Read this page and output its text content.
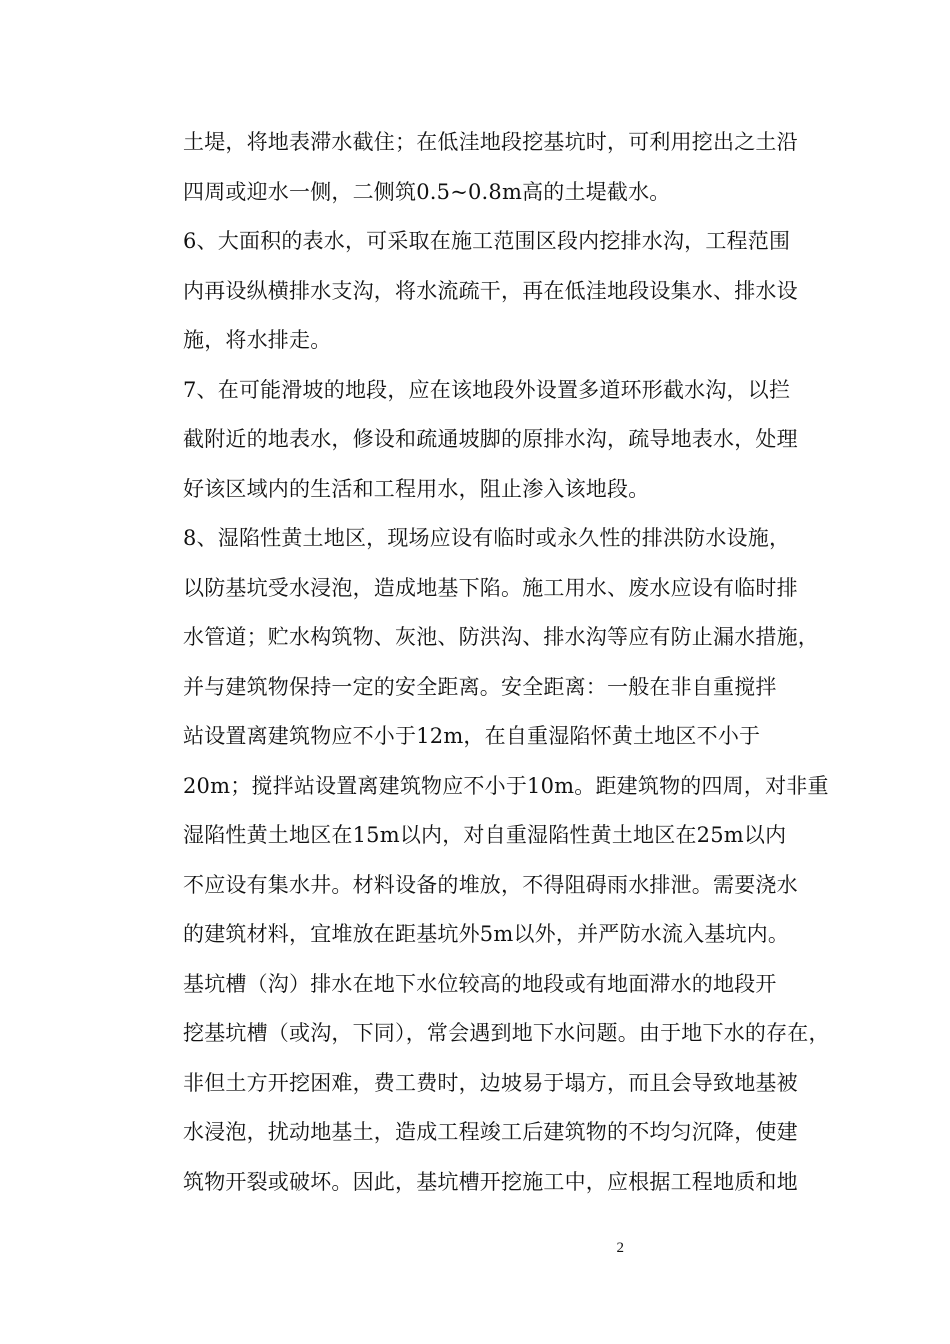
土堤，将地表滞水截住；在低洼地段挖基坑时，可利用挖出之土沿
四周或迎水一侧，二侧筑0.5~0.8m高的土堤截水。
6、大面积的表水，可采取在施工范围区段内挖排水沟，工程范围
内再设纵横排水支沟，将水流疏干，再在低洼地段设集水、排水设
施，将水排走。
7、在可能滑坡的地段，应在该地段外设置多道环形截水沟，以拦
截附近的地表水，修设和疏通坡脚的原排水沟，疏导地表水，处理
好该区域内的生活和工程用水，阻止渗入该地段。
8、湿陷性黄土地区，现场应设有临时或永久性的排洪防水设施，
以防基坑受水浸泡，造成地基下陷。施工用水、废水应设有临时排
水管道；贮水构筑物、灰池、防洪沟、排水沟等应有防止漏水措施，
并与建筑物保持一定的安全距离。安全距离：一般在非自重搅拌
站设置离建筑物应不小于12m，在自重湿陷怀黄土地区不小于
20m；搅拌站设置离建筑物应不小于10m。距建筑物的四周，对非重
湿陷性黄土地区在15m以内，对自重湿陷性黄土地区在25m以内
不应设有集水井。材料设备的堆放，不得阻碍雨水排泄。需要浇水
的建筑材料，宜堆放在距基坑外5m以外，并严防水流入基坑内。
基坑槽（沟）排水在地下水位较高的地段或有地面滞水的地段开
挖基坑槽（或沟，下同），常会遇到地下水问题。由于地下水的存在，
非但土方开挖困难，费工费时，边坡易于塌方，而且会导致地基被
水浸泡，扰动地基土，造成工程竣工后建筑物的不均匀沉降，使建
筑物开裂或破坏。因此，基坑槽开挖施工中，应根据工程地质和地
2
